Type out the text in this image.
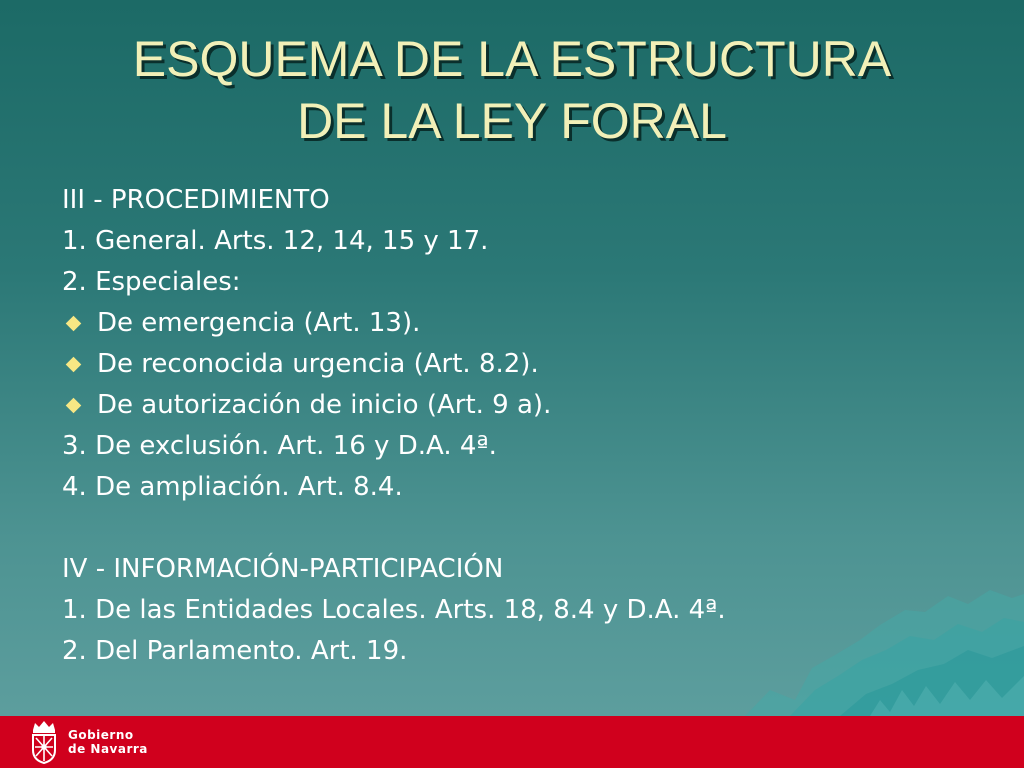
ESQUEMA DE LA ESTRUCTURA
DE LA LEY FORAL
III - PROCEDIMIENTO
1. General. Arts. 12, 14, 15 y 17.
2. Especiales:
De emergencia (Art. 13).
De reconocida urgencia (Art. 8.2).
De autorización de inicio (Art. 9 a).
3. De exclusión. Art. 16 y D.A. 4ª.
4. De ampliación. Art. 8.4.
IV - INFORMACIÓN-PARTICIPACIÓN
1. De las Entidades Locales. Arts. 18, 8.4 y D.A. 4ª.
2. Del Parlamento. Art. 19.
Gobierno
de Navarra
